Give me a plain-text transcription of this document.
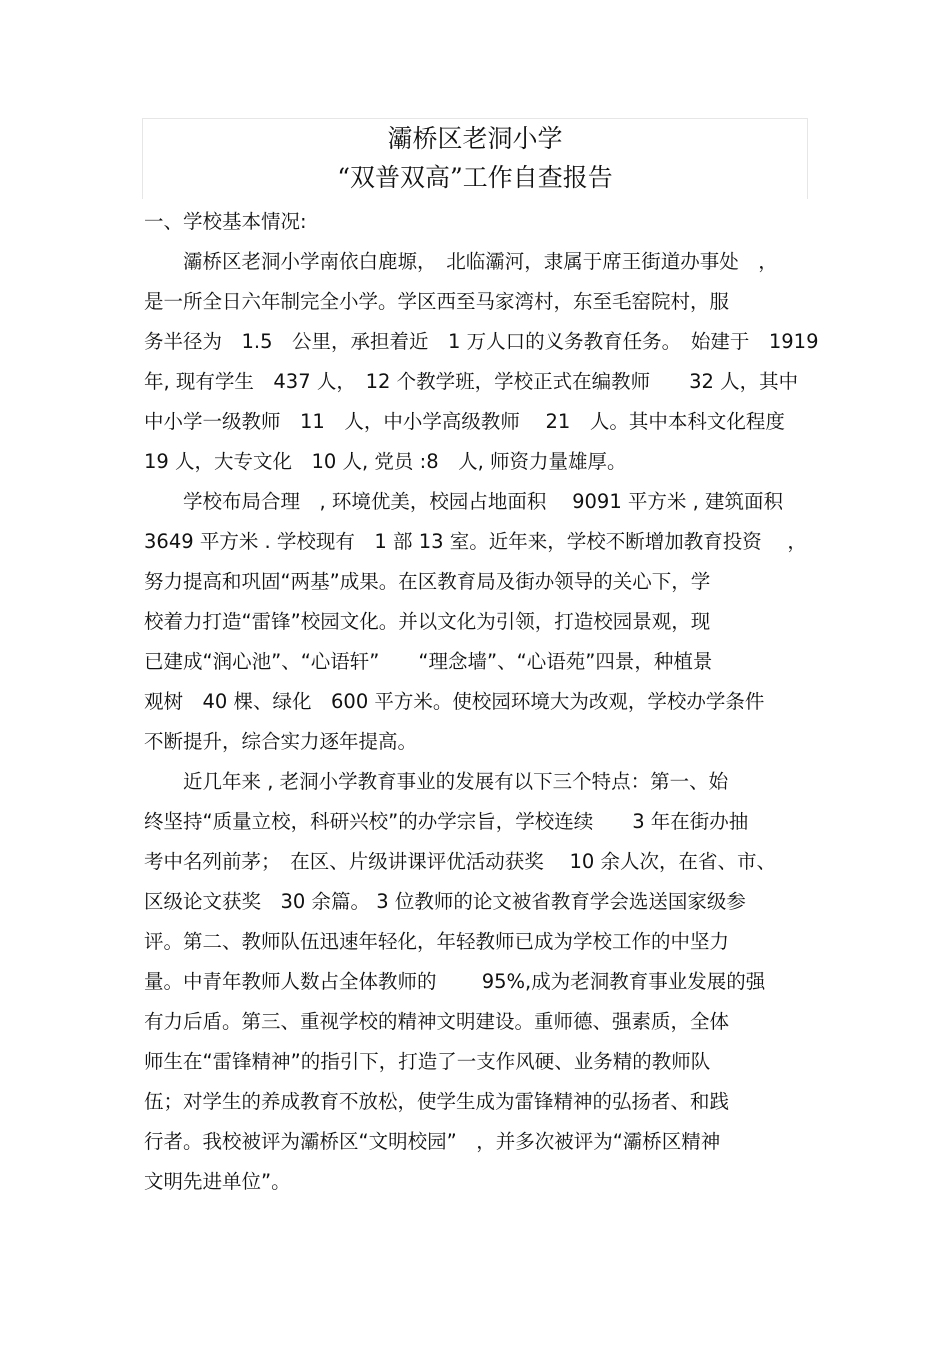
灞桥区老洞小学
“双普双高”工作自查报告
一、学校基本情况:
　　灞桥区老洞小学南依白鹿塬，　北临灞河，隶属于席王街道办事处　，
是一所全日六年制完全小学。学区西至马家湾村，东至毛窑院村，服
务半径为　1.5　公里，承担着近　1 万人口的义务教育任务。　始建于　1919
年, 现有学生　437 人，　12 个教学班，学校正式在编教师　　32 人，其中
中小学一级教师　11　人，中小学高级教师　 21　人。其中本科文化程度
19 人，大专文化　10 人, 党员 :8　人, 师资力量雄厚。
　　学校布局合理　, 环境优美，校园占地面积　 9091 平方米 , 建筑面积
3649 平方米 . 学校现有　1 部 13 室。近年来，学校不断增加教育投资　 ，
努力提高和巩固“两基”成果。在区教育局及街办领导的关心下，学
校着力打造“雷锋”校园文化。并以文化为引领，打造校园景观，现
已建成“润心池”、“心语轩”　　“理念墙”、“心语苑”四景，种植景
观树　40 棵、绿化　600 平方米。使校园环境大为改观，学校办学条件
不断提升，综合实力逐年提高。
　　近几年来 , 老洞小学教育事业的发展有以下三个特点：第一、始
终坚持“质量立校，科研兴校”的办学宗旨，学校连续　　3 年在街办抽
考中名列前茅；　在区、片级讲课评优活动获奖　 10 余人次，在省、市、
区级论文获奖　30 余篇。 3 位教师的论文被省教育学会选送国家级参
评。第二、教师队伍迅速年轻化，年轻教师已成为学校工作的中坚力
量。中青年教师人数占全体教师的　　 95%,成为老洞教育事业发展的强
有力后盾。第三、重视学校的精神文明建设。重师德、强素质，全体
师生在“雷锋精神”的指引下，打造了一支作风硬、业务精的教师队
伍；对学生的养成教育不放松，使学生成为雷锋精神的弘扬者、和践
行者。我校被评为灞桥区“文明校园”　，并多次被评为“灞桥区精神
文明先进单位”。
